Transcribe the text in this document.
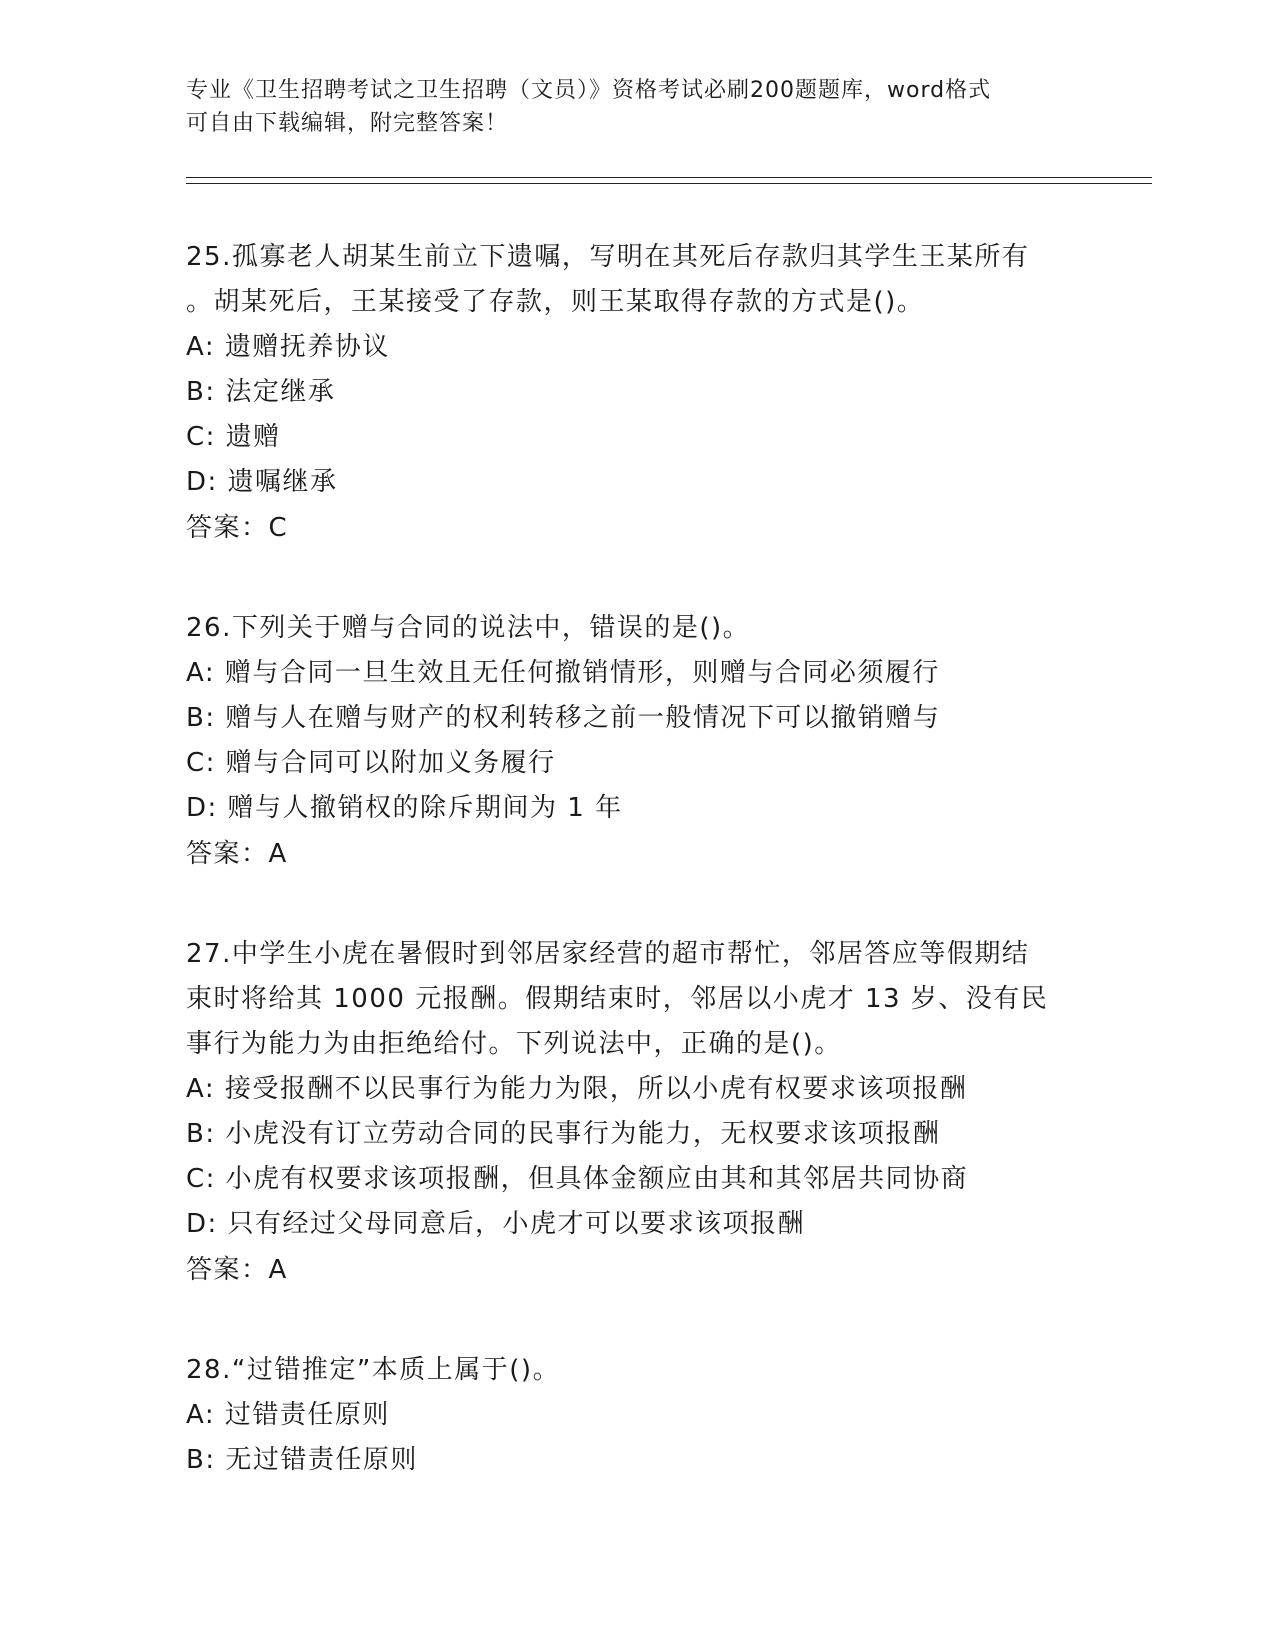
专业《卫生招聘考试之卫生招聘（文员）》资格考试必刷200题题库，word格式
可自由下载编辑，附完整答案！
25.孤寡老人胡某生前立下遗嘱，写明在其死后存款归其学生王某所有
。胡某死后，王某接受了存款，则王某取得存款的方式是()。
A: 遗赠抚养协议
B: 法定继承
C: 遗赠
D: 遗嘱继承
答案：C
26.下列关于赠与合同的说法中，错误的是()。
A: 赠与合同一旦生效且无任何撤销情形，则赠与合同必须履行
B: 赠与人在赠与财产的权利转移之前一般情况下可以撤销赠与
C: 赠与合同可以附加义务履行
D: 赠与人撤销权的除斥期间为 1 年
答案：A
27.中学生小虎在暑假时到邻居家经营的超市帮忙，邻居答应等假期结
束时将给其 1000 元报酬。假期结束时，邻居以小虎才 13 岁、没有民
事行为能力为由拒绝给付。下列说法中，正确的是()。
A: 接受报酬不以民事行为能力为限，所以小虎有权要求该项报酬
B: 小虎没有订立劳动合同的民事行为能力，无权要求该项报酬
C: 小虎有权要求该项报酬，但具体金额应由其和其邻居共同协商
D: 只有经过父母同意后，小虎才可以要求该项报酬
答案：A
28.“过错推定”本质上属于()。
A: 过错责任原则
B: 无过错责任原则
